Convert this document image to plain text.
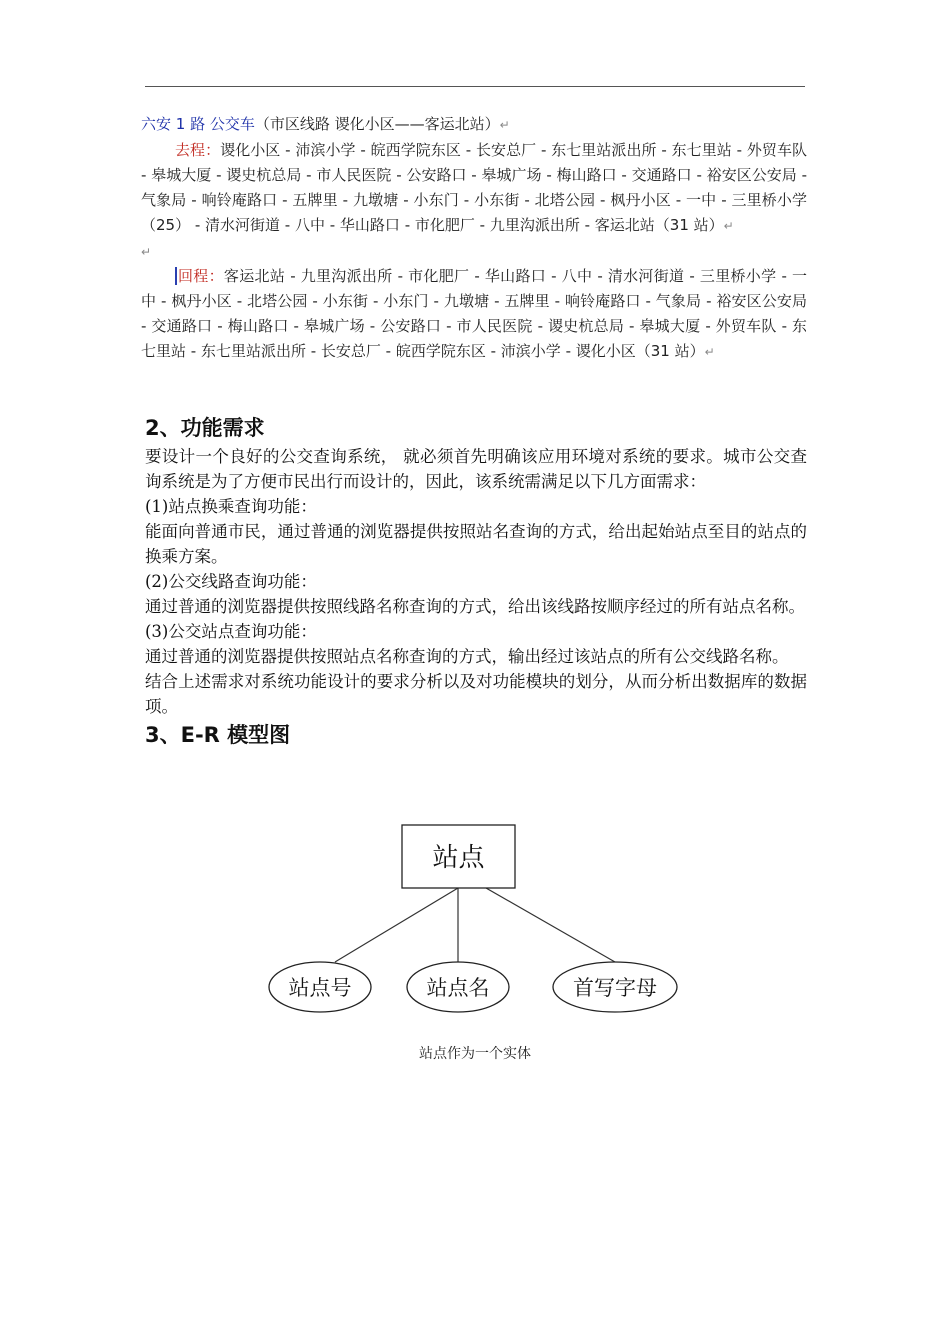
六安 1 路 公交车（市区线路 谡化小区——客运北站）↵

去程：谡化小区 - 沛滨小学 - 皖西学院东区 - 长安总厂 - 东七里站派出所 - 东七里站 - 外贸车队 - 皋城大厦 - 谡史杭总局 - 市人民医院 - 公安路口 - 皋城广场 - 梅山路口 - 交通路口 - 裕安区公安局 - 气象局 - 响铃庵路口 - 五牌里 - 九墩塘 - 小东门 - 小东街 - 北塔公园 - 枫丹小区 - 一中 - 三里桥小学（25） - 清水河街道 - 八中 - 华山路口 - 市化肥厂 - 九里沟派出所 - 客运北站（31 站）↵

↵

回程：客运北站 - 九里沟派出所 - 市化肥厂 - 华山路口 - 八中 - 清水河街道 - 三里桥小学 - 一中 - 枫丹小区 - 北塔公园 - 小东街 - 小东门 - 九墩塘 - 五牌里 - 响铃庵路口 - 气象局 - 裕安区公安局 - 交通路口 - 梅山路口 - 皋城广场 - 公安路口 - 市人民医院 - 谡史杭总局 - 皋城大厦 - 外贸车队 - 东七里站 - 东七里站派出所 - 长安总厂 - 皖西学院东区 - 沛滨小学 - 谡化小区（31 站）↵

2、功能需求

要设计一个良好的公交查询系统， 就必须首先明确该应用环境对系统的要求。城市公交查询系统是为了方便市民出行而设计的，因此，该系统需满足以下几方面需求：

(1)站点换乘查询功能：

能面向普通市民，通过普通的浏览器提供按照站名查询的方式，给出起始站点至目的站点的换乘方案。

(2)公交线路查询功能：

通过普通的浏览器提供按照线路名称查询的方式，给出该线路按顺序经过的所有站点名称。

(3)公交站点查询功能：

通过普通的浏览器提供按照站点名称查询的方式，输出经过该站点的所有公交线路名称。

结合上述需求对系统功能设计的要求分析以及对功能模块的划分，从而分析出数据库的数据项。

3、E-R 模型图
站点
站点号	站点名	首写字母
站点作为一个实体
